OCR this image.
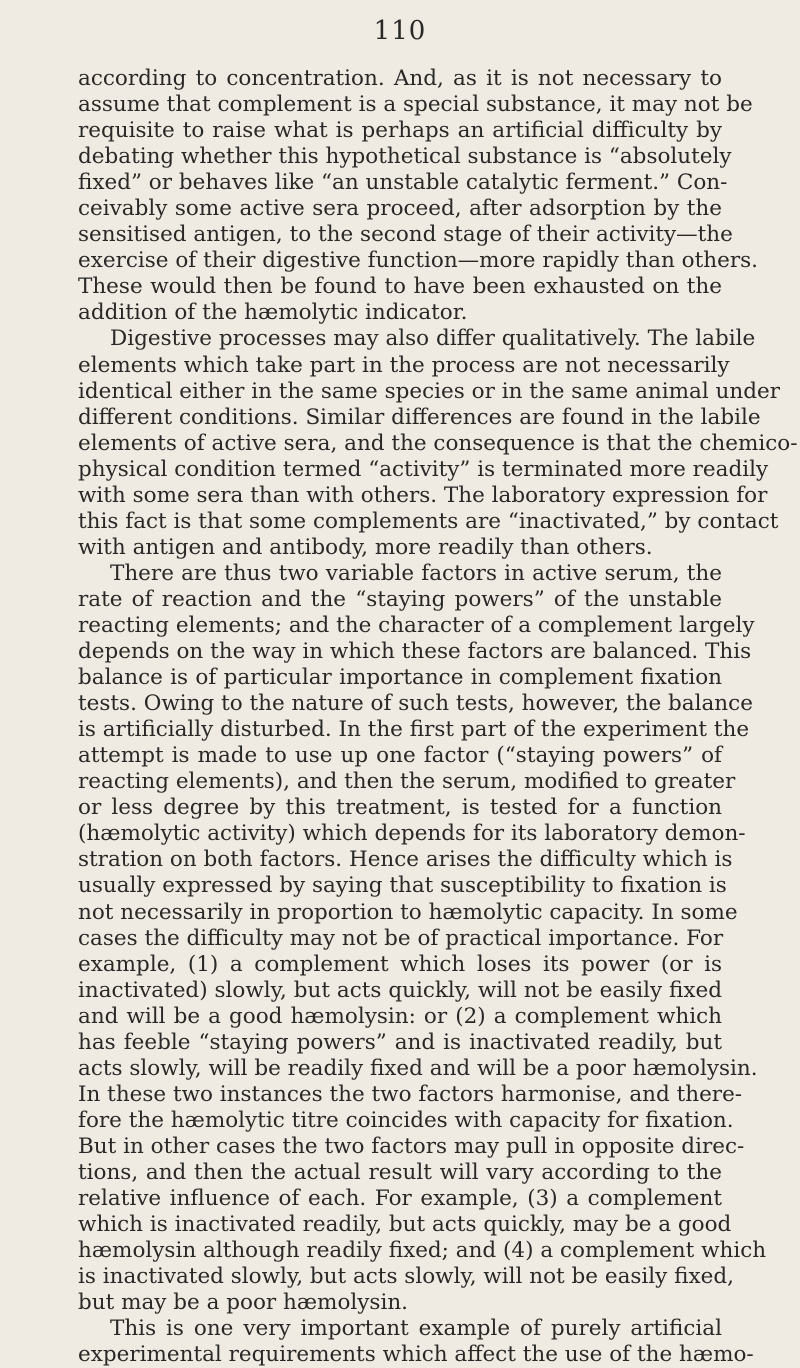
110
according to concentration. And, as it is not necessary to
assume that complement is a special substance, it may not be
requisite to raise what is perhaps an artificial difficulty by
debating whether this hypothetical substance is “absolutely
fixed” or behaves like “an unstable catalytic ferment.” Con-
ceivably some active sera proceed, after adsorption by the
sensitised antigen, to the second stage of their activity—the
exercise of their digestive function—more rapidly than others.
These would then be found to have been exhausted on the
addition of the hæmolytic indicator.
Digestive processes may also differ qualitatively. The labile
elements which take part in the process are not necessarily
identical either in the same species or in the same animal under
different conditions. Similar differences are found in the labile
elements of active sera, and the consequence is that the chemico-
physical condition termed “activity” is terminated more readily
with some sera than with others. The laboratory expression for
this fact is that some complements are “inactivated,” by contact
with antigen and antibody, more readily than others.
There are thus two variable factors in active serum, the
rate of reaction and the “staying powers” of the unstable
reacting elements; and the character of a complement largely
depends on the way in which these factors are balanced. This
balance is of particular importance in complement fixation
tests. Owing to the nature of such tests, however, the balance
is artificially disturbed. In the first part of the experiment the
attempt is made to use up one factor (“staying powers” of
reacting elements), and then the serum, modified to greater
or less degree by this treatment, is tested for a function
(hæmolytic activity) which depends for its laboratory demon-
stration on both factors. Hence arises the difficulty which is
usually expressed by saying that susceptibility to fixation is
not necessarily in proportion to hæmolytic capacity. In some
cases the difficulty may not be of practical importance. For
example, (1) a complement which loses its power (or is
inactivated) slowly, but acts quickly, will not be easily fixed
and will be a good hæmolysin: or (2) a complement which
has feeble “staying powers” and is inactivated readily, but
acts slowly, will be readily fixed and will be a poor hæmolysin.
In these two instances the two factors harmonise, and there-
fore the hæmolytic titre coincides with capacity for fixation.
But in other cases the two factors may pull in opposite direc-
tions, and then the actual result will vary according to the
relative influence of each. For example, (3) a complement
which is inactivated readily, but acts quickly, may be a good
hæmolysin although readily fixed; and (4) a complement which
is inactivated slowly, but acts slowly, will not be easily fixed,
but may be a poor hæmolysin.
This is one very important example of purely artificial
experimental requirements which affect the use of the hæmo-
